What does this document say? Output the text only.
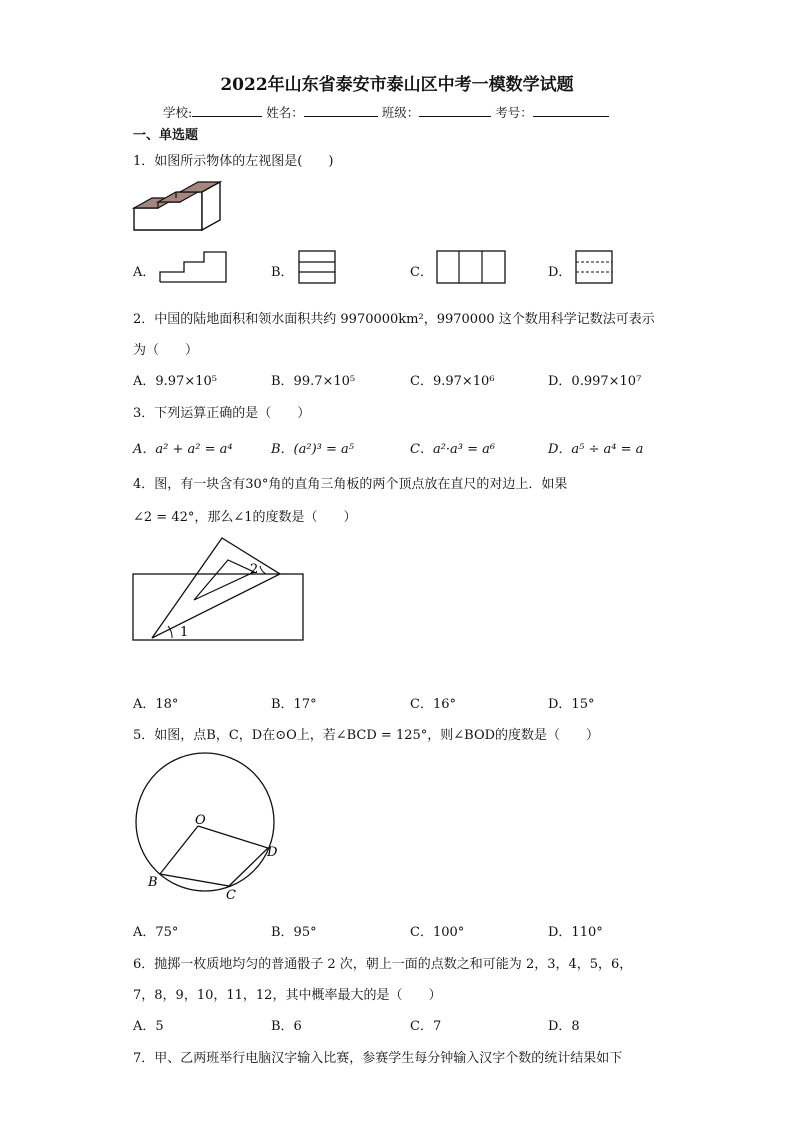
2022年山东省泰安市泰山区中考一模数学试题
学校:	姓名：	班级：	考号：
一、单选题
1．如图所示物体的左视图是(　　)
A．	B．	C．	D．
2．中国的陆地面积和领水面积共约 9970000km²，9970000 这个数用科学记数法可表示
为（　　）
A．9.97×10⁵	B．99.7×10⁵	C．9.97×10⁶	D．0.997×10⁷
3．下列运算正确的是（　　）
A．a² + a² = a⁴	B．(a²)³ = a⁵	C．a²·a³ = a⁶	D．a⁵ ÷ a⁴ = a
4．图，有一块含有30°角的直角三角板的两个顶点放在直尺的对边上．如果
∠2 = 42°，那么∠1的度数是（　　）
1
2
A．18°	B．17°	C．16°	D．15°
5．如图，点B，C，D在⊙O上，若∠BCD = 125°，则∠BOD的度数是（　　）
O
B
C
D
A．75°	B．95°	C．100°	D．110°
6．抛掷一枚质地均匀的普通骰子 2 次，朝上一面的点数之和可能为 2，3，4，5，6，
7，8，9，10，11，12，其中概率最大的是（　　）
A．5	B．6	C．7	D．8
7．甲、乙两班举行电脑汉字输入比赛，参赛学生每分钟输入汉字个数的统计结果如下
